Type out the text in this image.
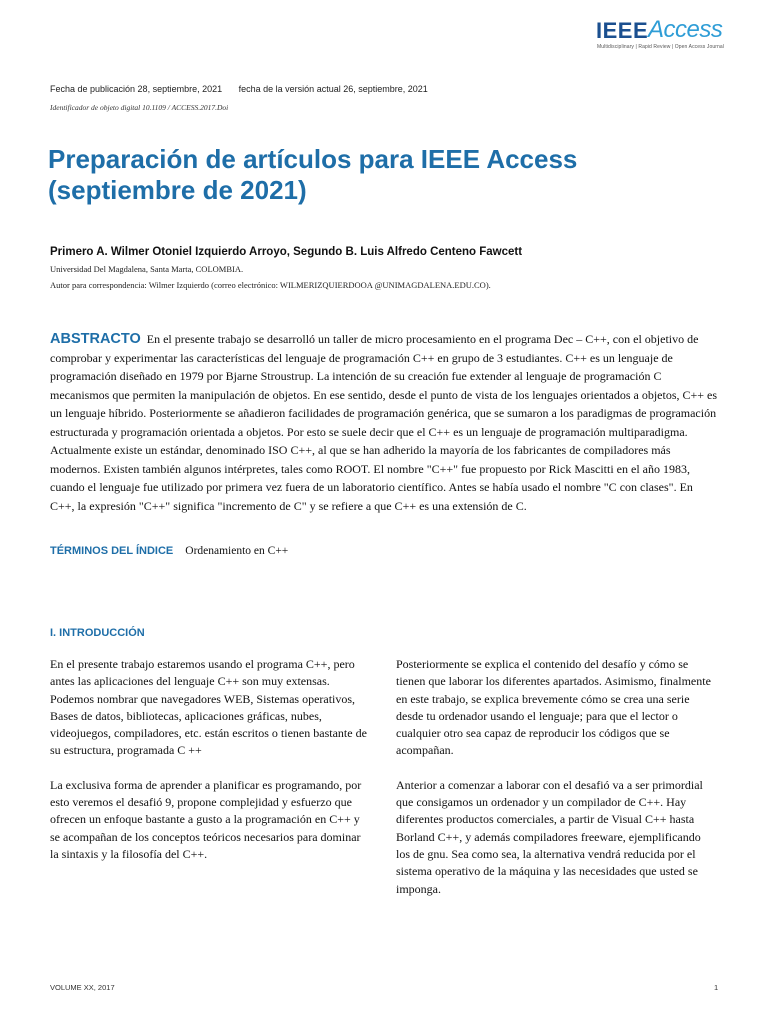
IEEE Access
Multidisciplinary | Rapid Review | Open Access Journal
Fecha de publicación 28, septiembre, 2021 fecha de la versión actual 26, septiembre, 2021
Identificador de objeto digital 10.1109 / ACCESS.2017.Doi
Preparación de artículos para IEEE Access (septiembre de 2021)

Primero A. Wilmer Otoniel Izquierdo Arroyo, Segundo B. Luis Alfredo Centeno Fawcett

Universidad Del Magdalena, Santa Marta, COLOMBIA.
Autor para correspondencia: Wilmer Izquierdo (correo electrónico: WILMERIZQUIERDOOA @UNIMAGDALENA.EDU.CO).

ABSTRACTO En el presente trabajo se desarrolló un taller de micro procesamiento en el programa Dec – C++, con el objetivo de comprobar y experimentar las características del lenguaje de programación C++ en grupo de 3 estudiantes. C++ es un lenguaje de programación diseñado en 1979 por Bjarne Stroustrup. La intención de su creación fue extender al lenguaje de programación C mecanismos que permiten la manipulación de objetos. En ese sentido, desde el punto de vista de los lenguajes orientados a objetos, C++ es un lenguaje híbrido. Posteriormente se añadieron facilidades de programación genérica, que se sumaron a los paradigmas de programación estructurada y programación orientada a objetos. Por esto se suele decir que el C++ es un lenguaje de programación multiparadigma. Actualmente existe un estándar, denominado ISO C++, al que se han adherido la mayoría de los fabricantes de compiladores más modernos. Existen también algunos intérpretes, tales como ROOT. El nombre "C++" fue propuesto por Rick Mascitti en el año 1983, cuando el lenguaje fue utilizado por primera vez fuera de un laboratorio científico. Antes se había usado el nombre "C con clases". En C++, la expresión "C++" significa "incremento de C" y se refiere a que C++ es una extensión de C.

TÉRMINOS DEL ÍNDICE Ordenamiento en C++
I. INTRODUCCIÓN

En el presente trabajo estaremos usando el programa C++, pero antes las aplicaciones del lenguaje C++ son muy extensas. Podemos nombrar que navegadores WEB, Sistemas operativos, Bases de datos, bibliotecas, aplicaciones gráficas, nubes, videojuegos, compiladores, etc. están escritos o tienen bastante de su estructura, programada C ++

La exclusiva forma de aprender a planificar es programando, por esto veremos el desafió 9, propone complejidad y esfuerzo que ofrecen un enfoque bastante a gusto a la programación en C++ y se acompañan de los conceptos teóricos necesarios para dominar la sintaxis y la filosofía del C++.

Posteriormente se explica el contenido del desafío y cómo se tienen que laborar los diferentes apartados. Asimismo, finalmente en este trabajo, se explica brevemente cómo se crea una serie desde tu ordenador usando el lenguaje; para que el lector o cualquier otro sea capaz de reproducir los códigos que se acompañan.

Anterior a comenzar a laborar con el desafió va a ser primordial que consigamos un ordenador y un compilador de C++. Hay diferentes productos comerciales, a partir de Visual C++ hasta Borland C++, y además compiladores freeware, ejemplificando los de gnu. Sea como sea, la alternativa vendrá reducida por el sistema operativo de la máquina y las necesidades que usted se imponga.

VOLUME XX, 2017	1
